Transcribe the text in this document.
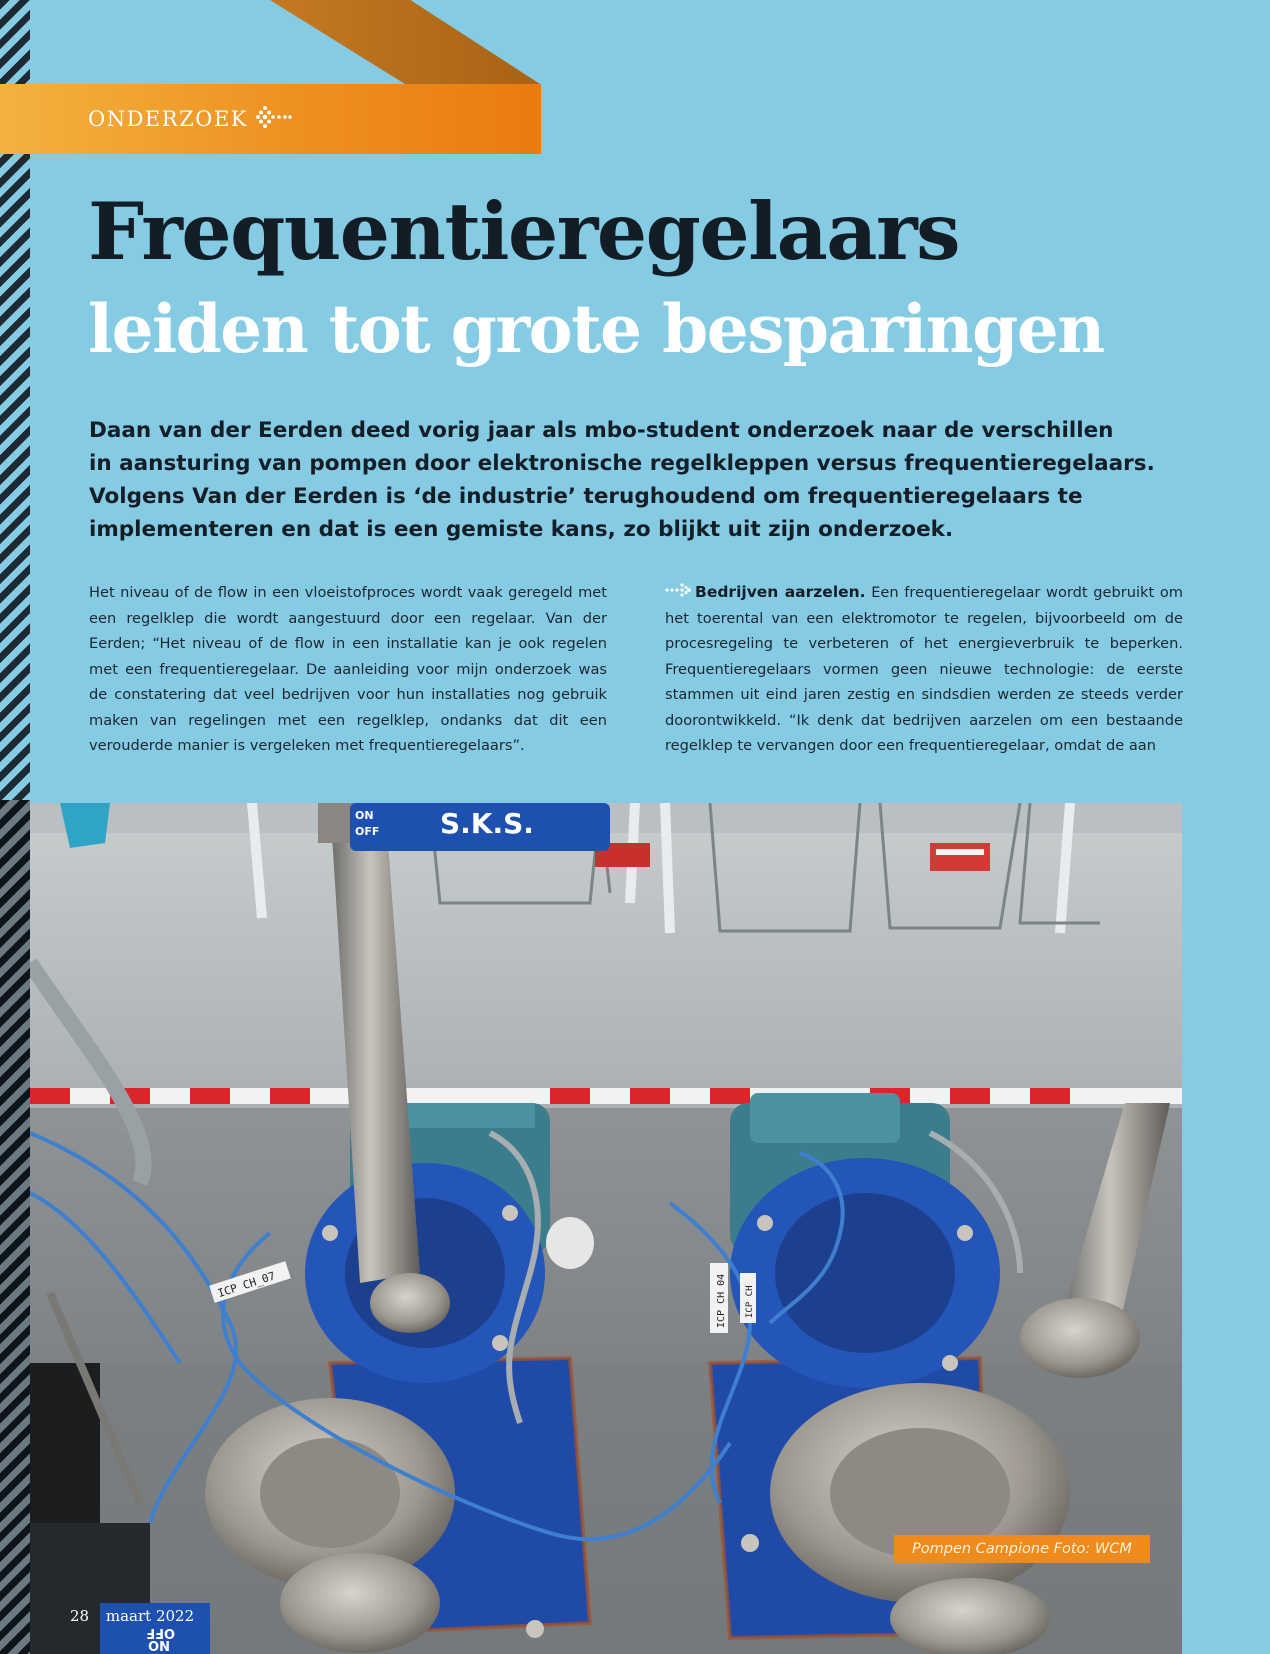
ONDERZOEK
Frequentieregelaars
leiden tot grote besparingen
Daan van der Eerden deed vorig jaar als mbo-student onderzoek naar de verschillen
in aansturing van pompen door elektronische regelkleppen versus frequentieregelaars.
Volgens Van der Eerden is ‘de industrie’ terughoudend om frequentieregelaars te
implementeren en dat is een gemiste kans, zo blijkt uit zijn onderzoek.

Het niveau of de flow in een vloeistofproces wordt vaak geregeld met een regelklep die wordt aangestuurd door een regelaar. Van der Eerden; “Het niveau of de flow in een installatie kan je ook regelen met een frequentieregelaar. De aanleiding voor mijn onderzoek was de constatering dat veel bedrijven voor hun installaties nog gebruik maken van regelingen met een regelklep, ondanks dat dit een verouderde manier is vergeleken met frequentieregelaars”.

Bedrijven aarzelen. Een frequentieregelaar wordt gebruikt om het toerental van een elektromotor te regelen, bijvoorbeeld om de procesregeling te verbeteren of het energieverbruik te beperken. Frequentieregelaars vormen geen nieuwe technologie: de eerste stammen uit eind jaren zestig en sindsdien werden ze steeds verder doorontwikkeld. “Ik denk dat bedrijven aarzelen om een bestaande regelklep te vervangen door een frequentieregelaar, omdat de aan

ICP CH_07	ICP CH 04 ICP CH
ON
OFF S.K.S.
OFF
NO
Pompen Campione Foto: WCM
28 maart 2022
